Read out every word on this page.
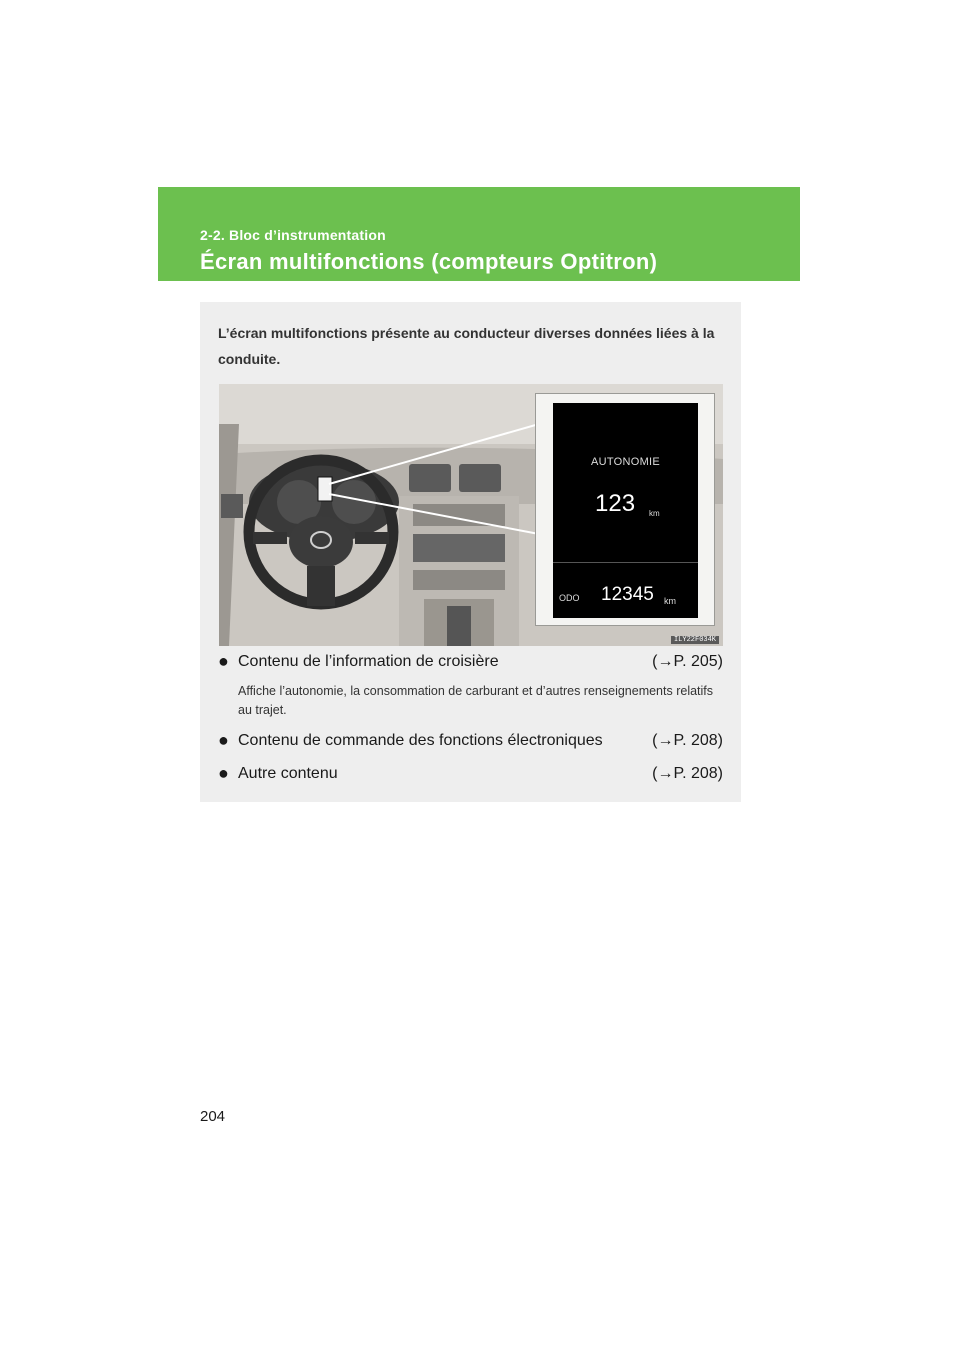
2-2. Bloc d’instrumentation
Écran multifonctions (compteurs Optitron)
L’écran multifonctions présente au conducteur diverses données liées à la conduite.
AUTONOMIE
123 km
ODO 12345 km
ILY22F034K
● Contenu de l’information de croisière	(→P. 205)
Affiche l’autonomie, la consommation de carburant et d’autres renseignements relatifs au trajet.
● Contenu de commande des fonctions électroniques	(→P. 208)
● Autre contenu	(→P. 208)
204
